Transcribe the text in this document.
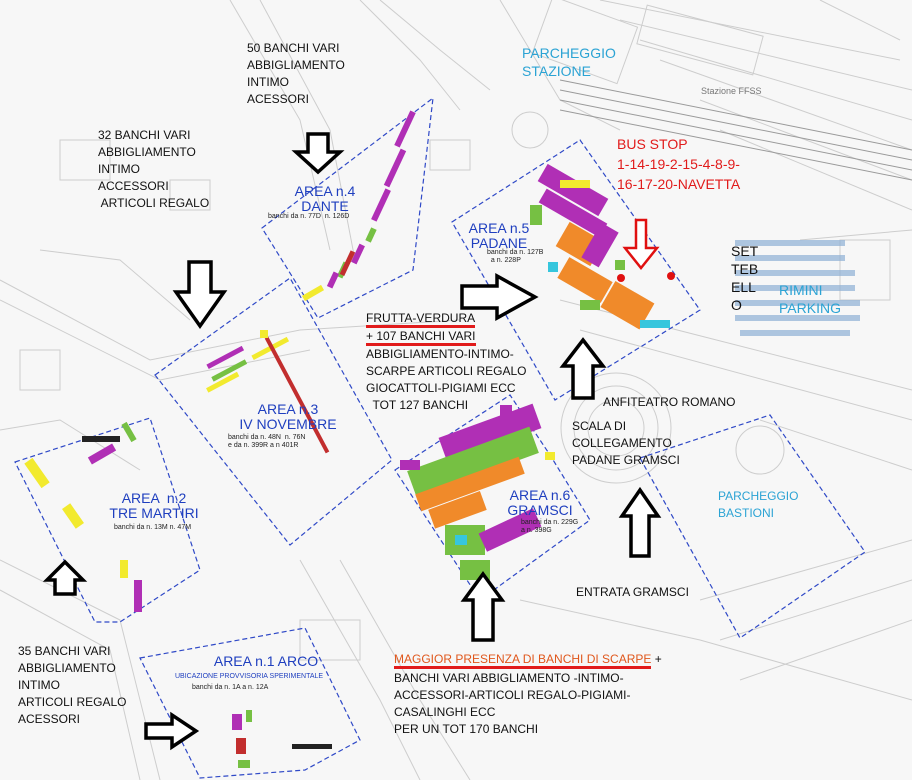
50 BANCHI VARI
ABBIGLIAMENTO
INTIMO
ACESSORI
32 BANCHI VARI
ABBIGLIAMENTO
INTIMO
ACCESSORI
ARTICOLI REGALO
PARCHEGGIO
STAZIONE
Stazione FFSS
BUS STOP
1-14-19-2-15-4-8-9-
16-17-20-NAVETTA
SET
TEB
ELL
O
RIMINI
PARKING
FRUTTA-VERDURA
+ 107 BANCHI VARI
ABBIGLIAMENTO-INTIMO-
SCARPE ARTICOLI REGALO
GIOCATTOLI-PIGIAMI ECC
TOT 127 BANCHI	ANFITEATRO ROMANO
SCALA DI
COLLEGAMENTO
PADANE GRAMSCI
PARCHEGGIO
BASTIONI
ENTRATA GRAMSCI
35 BANCHI VARI
ABBIGLIAMENTO
INTIMO
ARTICOLI REGALO
ACESSORI
MAGGIOR PRESENZA DI BANCHI DI SCARPE +
BANCHI VARI ABBIGLIAMENTO -INTIMO-
ACCESSORI-ARTICOLI REGALO-PIGIAMI-
CASALINGHI ECC
PER UN TOT 170 BANCHI
AREA n.1 ARCO
UBICAZIONE PROVVISORIA SPERIMENTALE
banchi da n. 1A a n. 12A
AREA  n.2
TRE MARTIRI
banchi da n. 13M n. 47M
AREA n.3
IV NOVEMBRE
banchi da n. 48N  n. 76N
e da n. 399R a n 401R
AREA n.4
DANTE
banchi da n. 77D  n. 126D
AREA n.5
PADANE
banchi da n. 127B
a n. 228P
AREA n.6
GRAMSCI
banchi da n. 229G
a n. 398G
